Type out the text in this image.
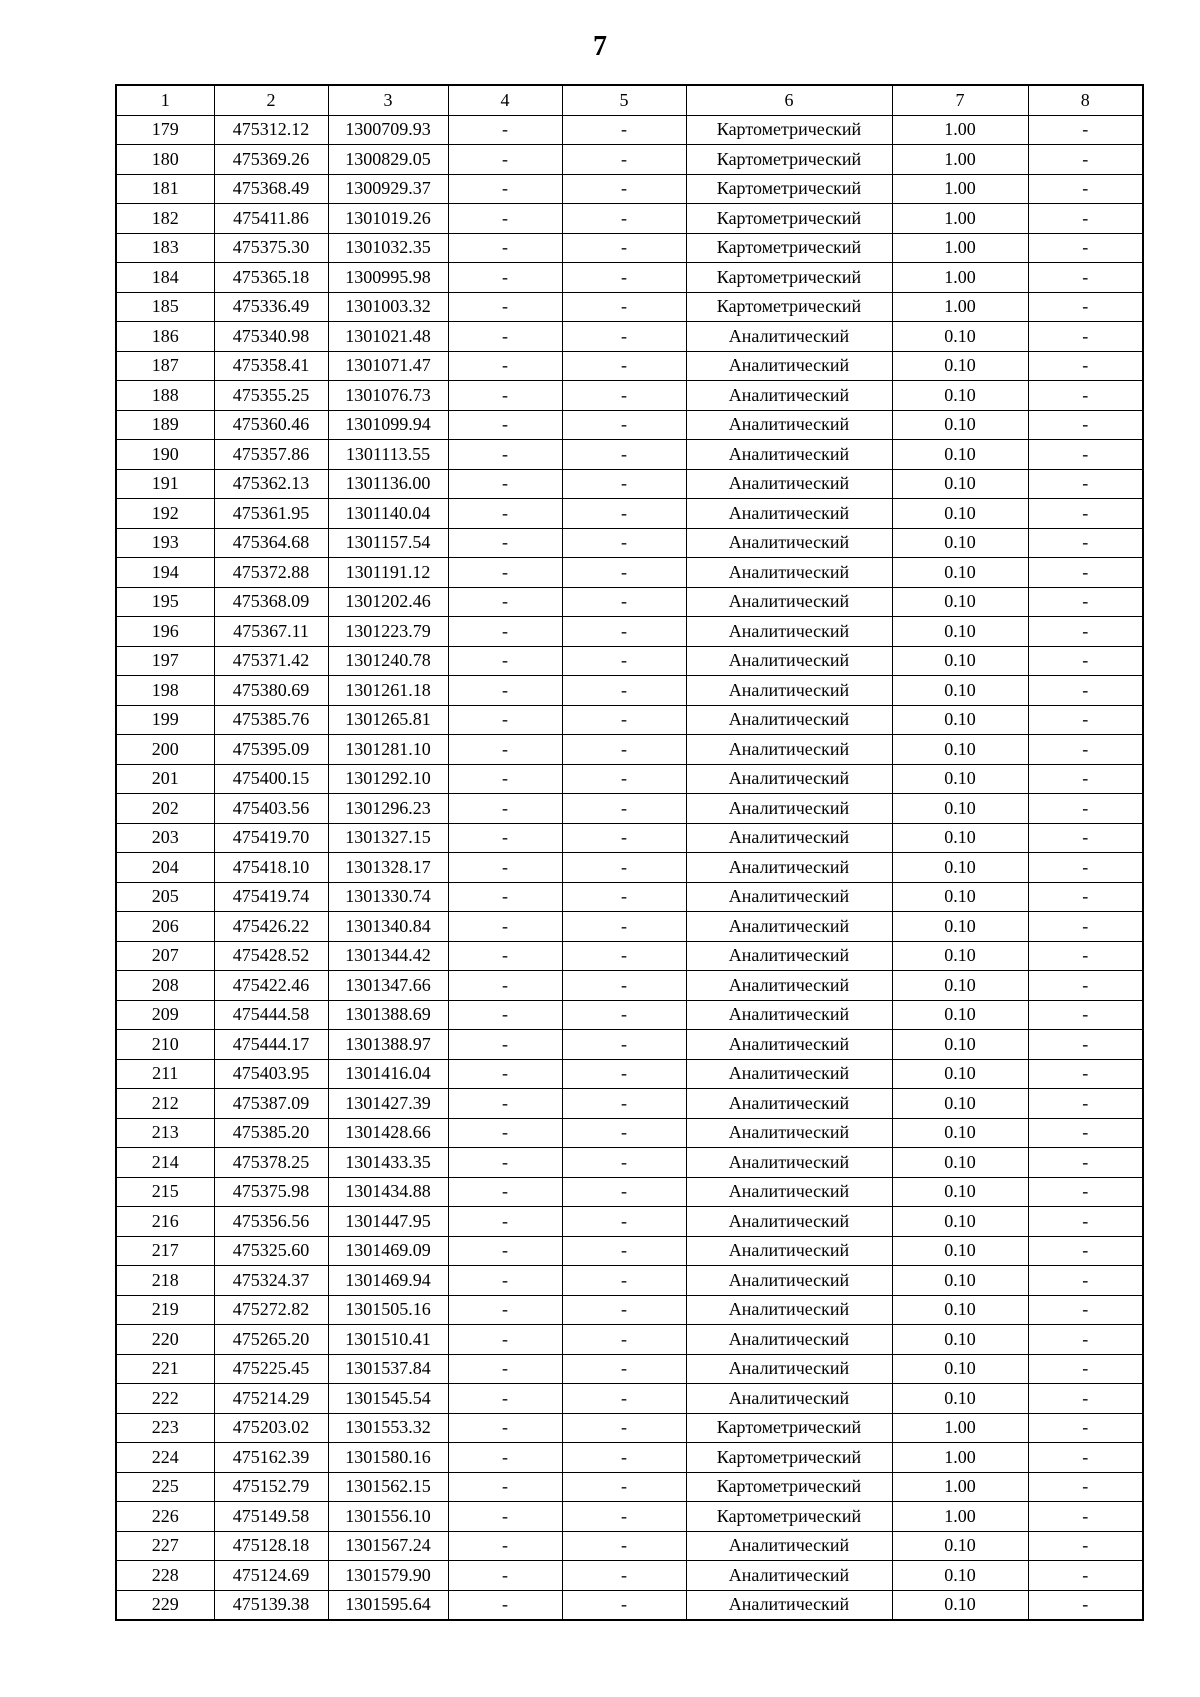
7
1	2	3	4	5	6	7	8
179	475312.12	1300709.93	-	-	Картометрический	1.00	-
180	475369.26	1300829.05	-	-	Картометрический	1.00	-
181	475368.49	1300929.37	-	-	Картометрический	1.00	-
182	475411.86	1301019.26	-	-	Картометрический	1.00	-
183	475375.30	1301032.35	-	-	Картометрический	1.00	-
184	475365.18	1300995.98	-	-	Картометрический	1.00	-
185	475336.49	1301003.32	-	-	Картометрический	1.00	-
186	475340.98	1301021.48	-	-	Аналитический	0.10	-
187	475358.41	1301071.47	-	-	Аналитический	0.10	-
188	475355.25	1301076.73	-	-	Аналитический	0.10	-
189	475360.46	1301099.94	-	-	Аналитический	0.10	-
190	475357.86	1301113.55	-	-	Аналитический	0.10	-
191	475362.13	1301136.00	-	-	Аналитический	0.10	-
192	475361.95	1301140.04	-	-	Аналитический	0.10	-
193	475364.68	1301157.54	-	-	Аналитический	0.10	-
194	475372.88	1301191.12	-	-	Аналитический	0.10	-
195	475368.09	1301202.46	-	-	Аналитический	0.10	-
196	475367.11	1301223.79	-	-	Аналитический	0.10	-
197	475371.42	1301240.78	-	-	Аналитический	0.10	-
198	475380.69	1301261.18	-	-	Аналитический	0.10	-
199	475385.76	1301265.81	-	-	Аналитический	0.10	-
200	475395.09	1301281.10	-	-	Аналитический	0.10	-
201	475400.15	1301292.10	-	-	Аналитический	0.10	-
202	475403.56	1301296.23	-	-	Аналитический	0.10	-
203	475419.70	1301327.15	-	-	Аналитический	0.10	-
204	475418.10	1301328.17	-	-	Аналитический	0.10	-
205	475419.74	1301330.74	-	-	Аналитический	0.10	-
206	475426.22	1301340.84	-	-	Аналитический	0.10	-
207	475428.52	1301344.42	-	-	Аналитический	0.10	-
208	475422.46	1301347.66	-	-	Аналитический	0.10	-
209	475444.58	1301388.69	-	-	Аналитический	0.10	-
210	475444.17	1301388.97	-	-	Аналитический	0.10	-
211	475403.95	1301416.04	-	-	Аналитический	0.10	-
212	475387.09	1301427.39	-	-	Аналитический	0.10	-
213	475385.20	1301428.66	-	-	Аналитический	0.10	-
214	475378.25	1301433.35	-	-	Аналитический	0.10	-
215	475375.98	1301434.88	-	-	Аналитический	0.10	-
216	475356.56	1301447.95	-	-	Аналитический	0.10	-
217	475325.60	1301469.09	-	-	Аналитический	0.10	-
218	475324.37	1301469.94	-	-	Аналитический	0.10	-
219	475272.82	1301505.16	-	-	Аналитический	0.10	-
220	475265.20	1301510.41	-	-	Аналитический	0.10	-
221	475225.45	1301537.84	-	-	Аналитический	0.10	-
222	475214.29	1301545.54	-	-	Аналитический	0.10	-
223	475203.02	1301553.32	-	-	Картометрический	1.00	-
224	475162.39	1301580.16	-	-	Картометрический	1.00	-
225	475152.79	1301562.15	-	-	Картометрический	1.00	-
226	475149.58	1301556.10	-	-	Картометрический	1.00	-
227	475128.18	1301567.24	-	-	Аналитический	0.10	-
228	475124.69	1301579.90	-	-	Аналитический	0.10	-
229	475139.38	1301595.64	-	-	Аналитический	0.10	-
